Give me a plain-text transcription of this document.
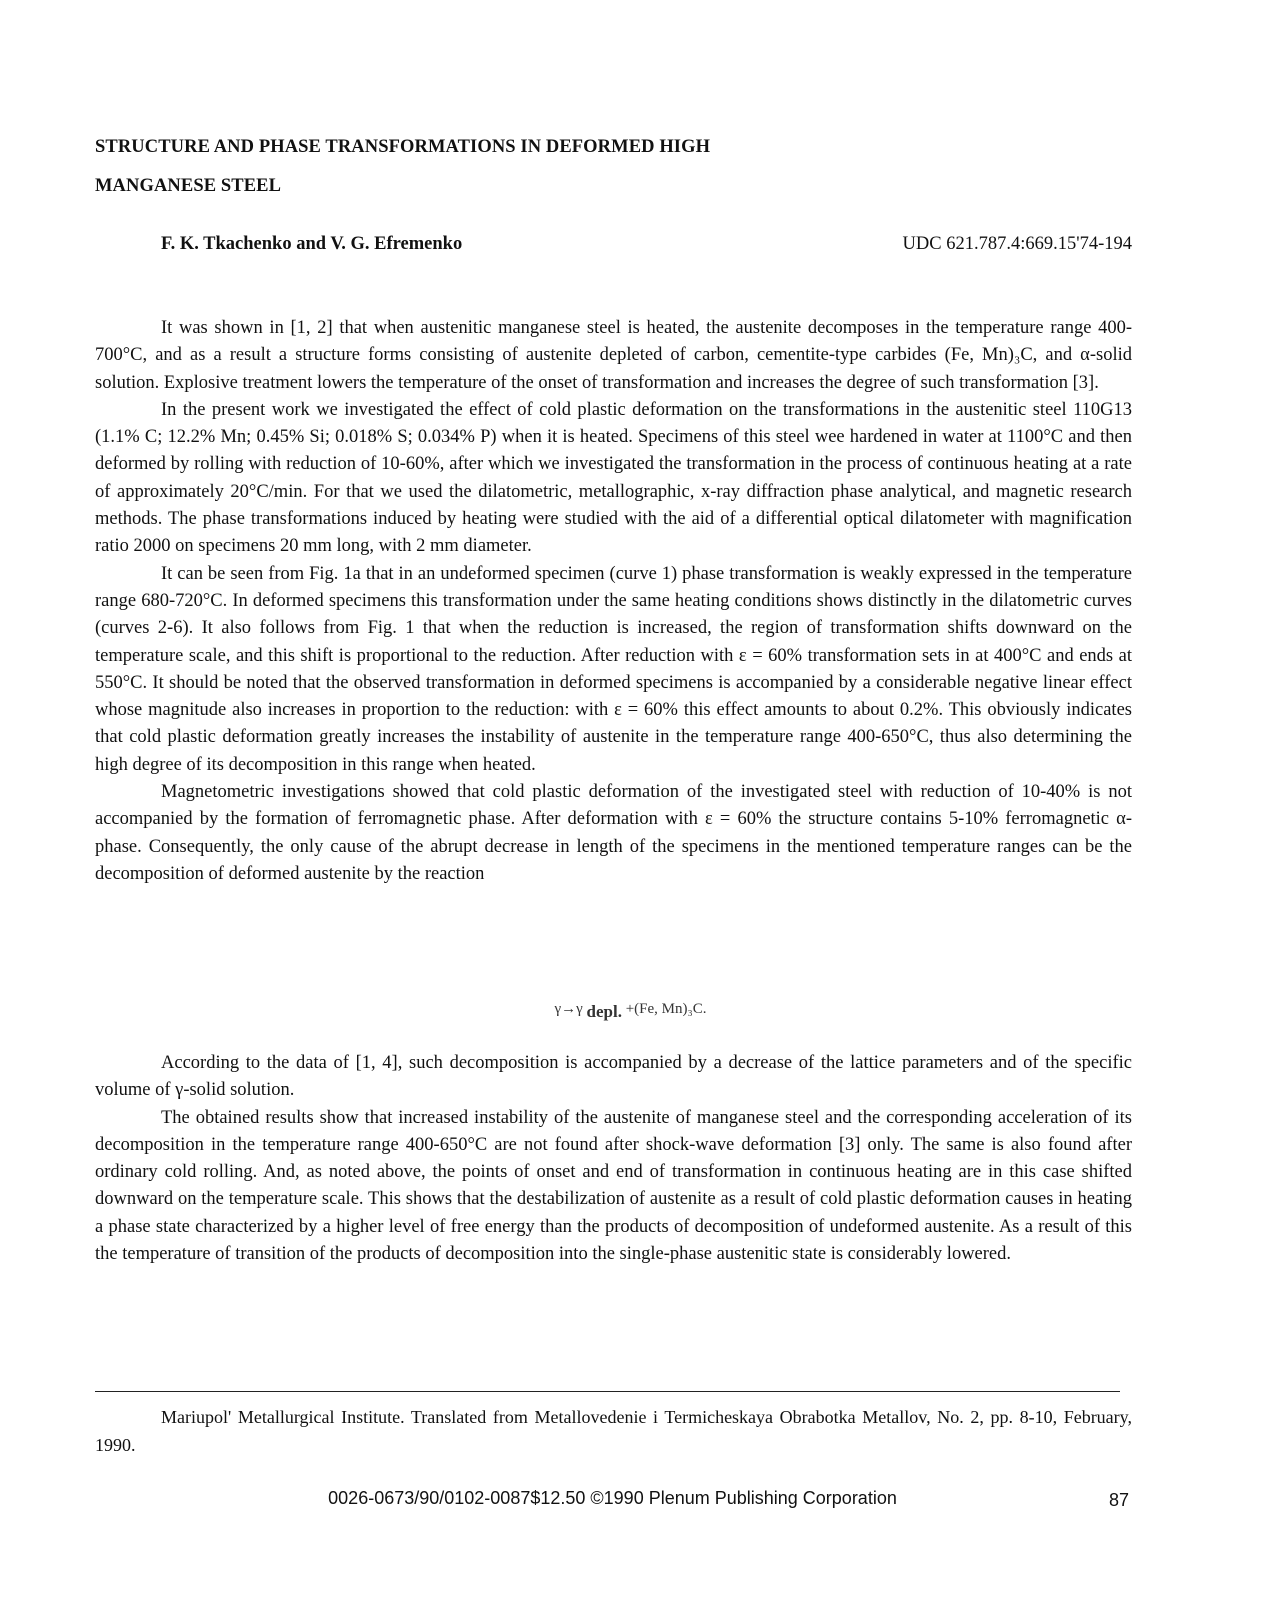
STRUCTURE AND PHASE TRANSFORMATIONS IN DEFORMED HIGH
MANGANESE STEEL

F. K. Tkachenko and V. G. Efremenko	UDC 621.787.4:669.15'74-194

It was shown in [1, 2] that when austenitic manganese steel is heated, the austenite decomposes in the temperature range 400-700°C, and as a result a structure forms consisting of austenite depleted of carbon, cementite-type carbides (Fe, Mn)₃C, and α-solid solution. Explosive treatment lowers the temperature of the onset of transformation and increases the degree of such transformation [3].

In the present work we investigated the effect of cold plastic deformation on the transformations in the austenitic steel 110G13 (1.1% C; 12.2% Mn; 0.45% Si; 0.018% S; 0.034% P) when it is heated. Specimens of this steel wee hardened in water at 1100°C and then deformed by rolling with reduction of 10-60%, after which we investigated the transformation in the process of continuous heating at a rate of approximately 20°C/min. For that we used the dilatometric, metallographic, x-ray diffraction phase analytical, and magnetic research methods. The phase transformations induced by heating were studied with the aid of a differential optical dilatometer with magnification ratio 2000 on specimens 20 mm long, with 2 mm diameter.

It can be seen from Fig. 1a that in an undeformed specimen (curve 1) phase transformation is weakly expressed in the temperature range 680-720°C. In deformed specimens this transformation under the same heating conditions shows distinctly in the dilatometric curves (curves 2-6). It also follows from Fig. 1 that when the reduction is increased, the region of transformation shifts downward on the temperature scale, and this shift is proportional to the reduction. After reduction with ε = 60% transformation sets in at 400°C and ends at 550°C. It should be noted that the observed transformation in deformed specimens is accompanied by a considerable negative linear effect whose magnitude also increases in proportion to the reduction: with ε = 60% this effect amounts to about 0.2%. This obviously indicates that cold plastic deformation greatly increases the instability of austenite in the temperature range 400-650°C, thus also determining the high degree of its decomposition in this range when heated.

Magnetometric investigations showed that cold plastic deformation of the investigated steel with reduction of 10-40% is not accompanied by the formation of ferromagnetic phase. After deformation with ε = 60% the structure contains 5-10% ferromagnetic α-phase. Consequently, the only cause of the abrupt decrease in length of the specimens in the mentioned temperature ranges can be the decomposition of deformed austenite by the reaction

γ→γ depl. +(Fe, Mn)₃C.

According to the data of [1, 4], such decomposition is accompanied by a decrease of the lattice parameters and of the specific volume of γ-solid solution.

The obtained results show that increased instability of the austenite of manganese steel and the corresponding acceleration of its decomposition in the temperature range 400-650°C are not found after shock-wave deformation [3] only. The same is also found after ordinary cold rolling. And, as noted above, the points of onset and end of transformation in continuous heating are in this case shifted downward on the temperature scale. This shows that the destabilization of austenite as a result of cold plastic deformation causes in heating a phase state characterized by a higher level of free energy than the products of decomposition of undeformed austenite. As a result of this the temperature of transition of the products of decomposition into the single-phase austenitic state is considerably lowered.

Mariupol' Metallurgical Institute. Translated from Metallovedenie i Termicheskaya Obrabotka Metallov, No. 2, pp. 8-10, February, 1990.

0026-0673/90/0102-0087$12.50 ©1990 Plenum Publishing Corporation	87
